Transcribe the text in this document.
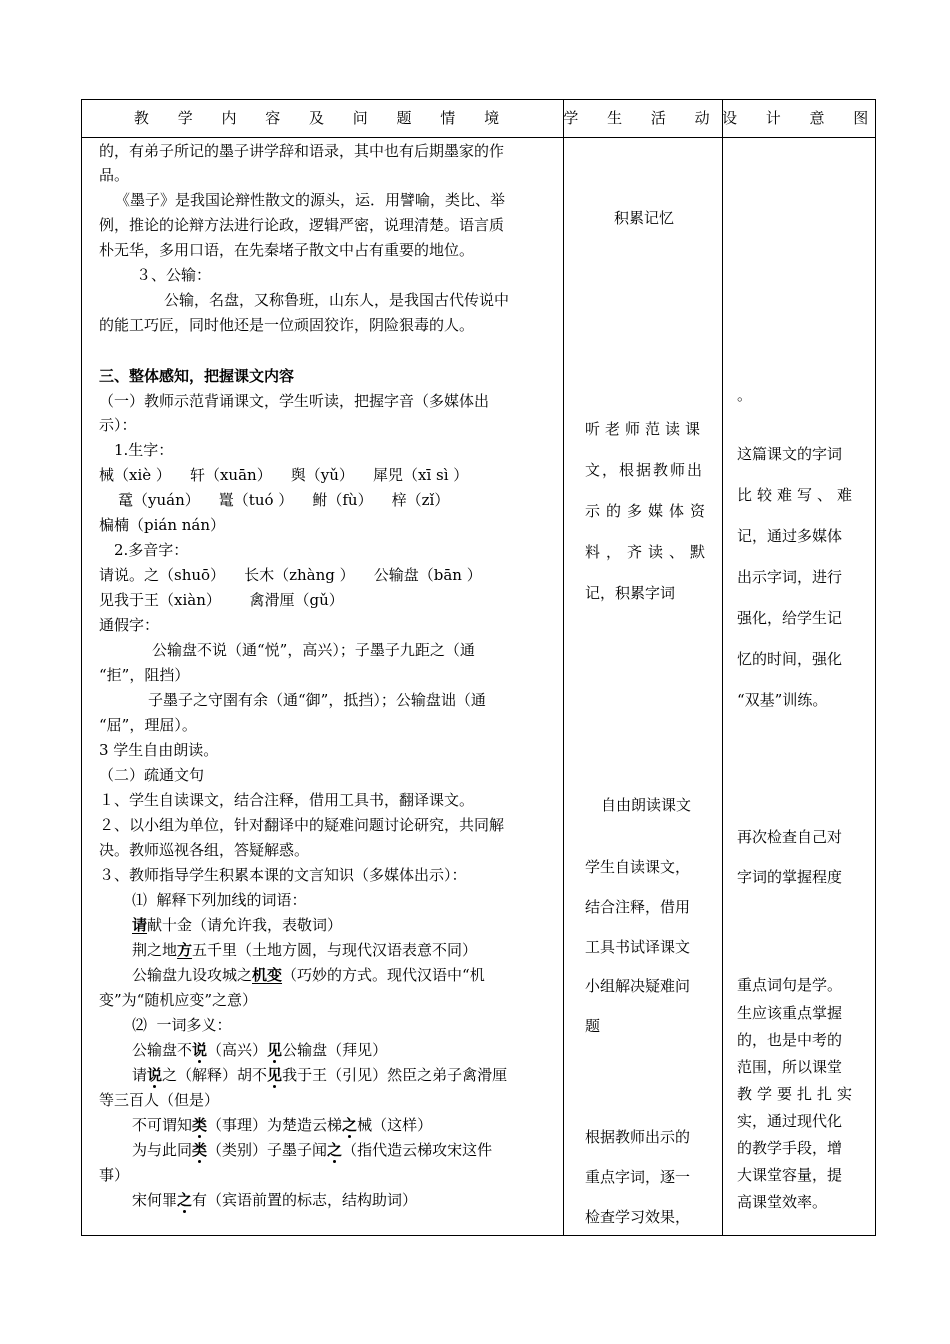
教 学 内 容 及 问 题 情 境	学 生 活 动 设 计 意 图
的，有弟子所记的墨子讲学辞和语录，其中也有后期墨家的作
品。
《墨子》是我国论辩性散文的源头，运．用譬喻，类比、举
例，推论的论辩方法进行论政，逻辑严密，说理清楚。语言质
朴无华，多用口语，在先秦堵子散文中占有重要的地位。
３、公输：
公输，名盘，又称鲁班，山东人，是我国古代传说中
的能工巧匠，同时他还是一位顽固狡诈，阴险狠毒的人。
三、整体感知，把握课文内容
（一）教师示范背诵课文，学生听读，把握字音（多媒体出
示）：
1.生字：
械（xiè ）    轩（xuān）    舆（yǔ）    犀兕（xī sì ）
鼋（yuán）    鼍（tuó ）    鲋（fù）    梓（zǐ）
楄楠（pián nán）
2.多音字：
请说。之（shuō）    长木（zhàng ）    公输盘（bān ）
见我于王（xiàn）      禽滑厘（gǔ）
通假字：
公输盘不说（通“悦”，高兴）；子墨子九距之（通
“拒”，阻挡）
子墨子之守圉有余（通“御”，抵挡）；公输盘诎（通
“屈”，理屈）。
3 学生自由朗读。
（二）疏通文句
１、学生自读课文，结合注释，借用工具书，翻译课文。
２、以小组为单位，针对翻译中的疑难问题讨论研究，共同解
决。教师巡视各组，答疑解惑。
３、教师指导学生积累本课的文言知识（多媒体出示）：
⑴  解释下列加线的词语：
请献十金（请允许我，表敬词）
荆之地方五千里（土地方圆，与现代汉语表意不同）
公输盘九设攻城之机变（巧妙的方式。现代汉语中“机
变”为“随机应变”之意）
⑵  一词多义：
公输盘不说（高兴）见公输盘（拜见）
请说之（解释）胡不见我于王（引见）然臣之弟子禽滑厘
等三百人（但是）
不可谓知类（事理）为楚造云梯之械（这样）
为与此同类（类别）子墨子闻之（指代造云梯攻宋这件
事）
宋何罪之有（宾语前置的标志，结构助词）
积累记忆
听老师范读课
文，根据教师出
示的多媒体资
料，齐读、默
记，积累字词
自由朗读课文
学生自读课文，
结合注释，借用
工具书试译课文
小组解决疑难问
题
根据教师出示的
重点字词，逐一
检查学习效果，
。
这篇课文的字词
比较难写、难
记，通过多媒体
出示字词，进行
强化，给学生记
忆的时间，强化
“双基”训练。
再次检查自己对
字词的掌握程度
重点词句是学。
生应该重点掌握
的，也是中考的
范围，所以课堂
教学要扎扎实
实，通过现代化
的教学手段，增
大课堂容量，提
高课堂效率。
